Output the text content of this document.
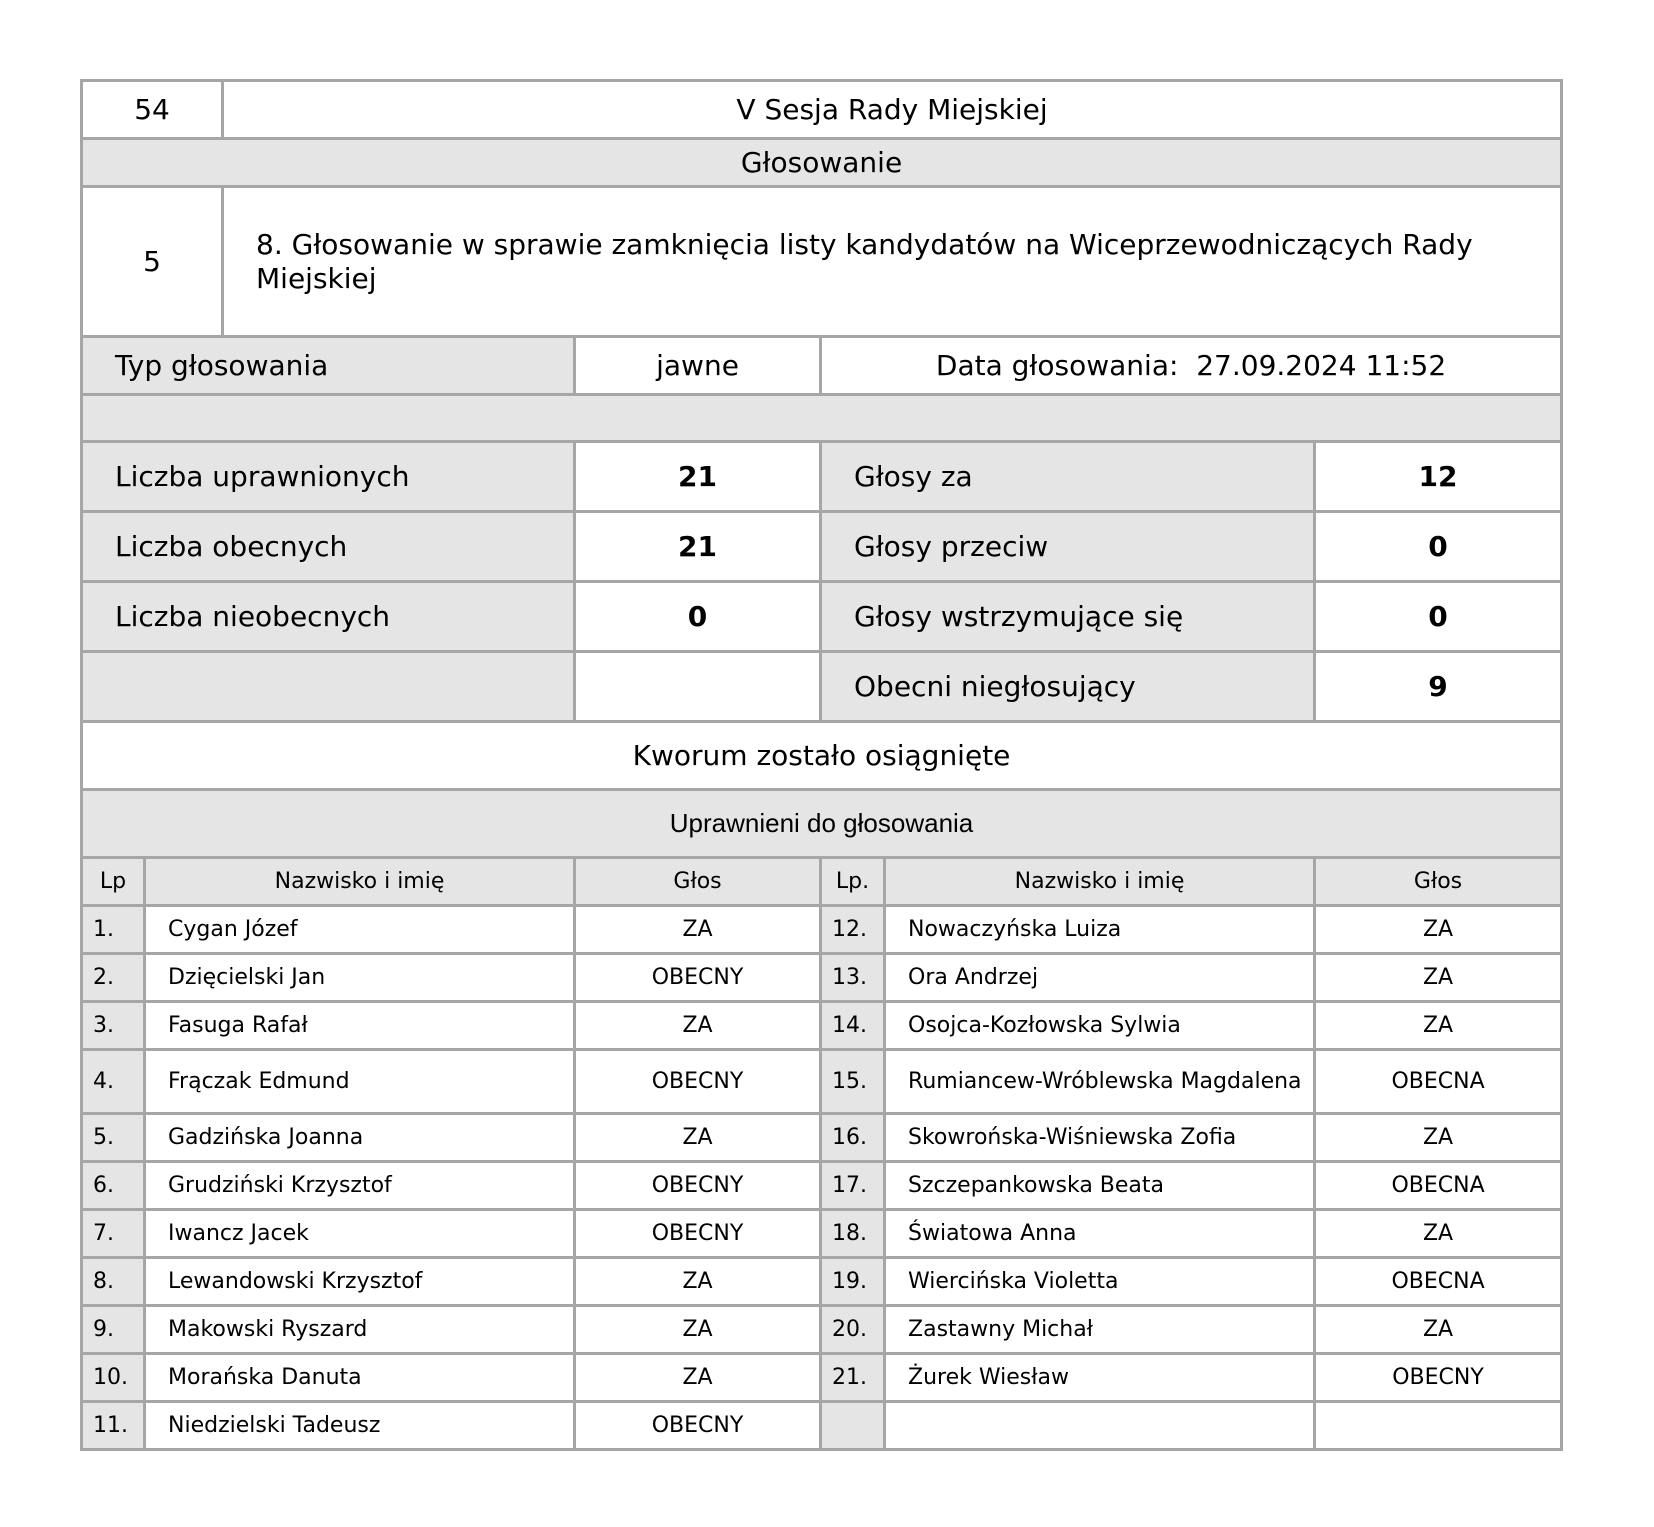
54		V Sesja Rady Miejskiej				
Głosowanie						
5		8. Głosowanie w sprawie zamknięcia listy kandydatów na Wiceprzewodniczących Rady Miejskiej				
Typ głosowania			jawne	Data głosowania: 27.09.2024 11:52		

Liczba uprawnionych			21	Głosy za		12
Liczba obecnych			21	Głosy przeciw		0
Liczba nieobecnych			0	Głosy wstrzymujące się		0
				Obecni niegłosujący		9
Kworum zostało osiągnięte						
Uprawnieni do głosowania						
Lp	Nazwisko i imię		Głos	Lp.	Nazwisko i imię	Głos
1.	Cygan Józef		ZA	12.	Nowaczyńska Luiza	ZA
2.	Dzięcielski Jan		OBECNY	13.	Ora Andrzej	ZA
3.	Fasuga Rafał		ZA	14.	Osojca-Kozłowska Sylwia	ZA
4.	Frączak Edmund		OBECNY	15.	Rumiancew-Wróblewska Magdalena	OBECNA
5.	Gadzińska Joanna		ZA	16.	Skowrońska-Wiśniewska Zofia	ZA
6.	Grudziński Krzysztof		OBECNY	17.	Szczepankowska Beata	OBECNA
7.	Iwancz Jacek		OBECNY	18.	Światowa Anna	ZA
8.	Lewandowski Krzysztof		ZA	19.	Wiercińska Violetta	OBECNA
9.	Makowski Ryszard		ZA	20.	Zastawny Michał	ZA
10.	Morańska Danuta		ZA	21.	Żurek Wiesław	OBECNY
11.	Niedzielski Tadeusz		OBECNY			
